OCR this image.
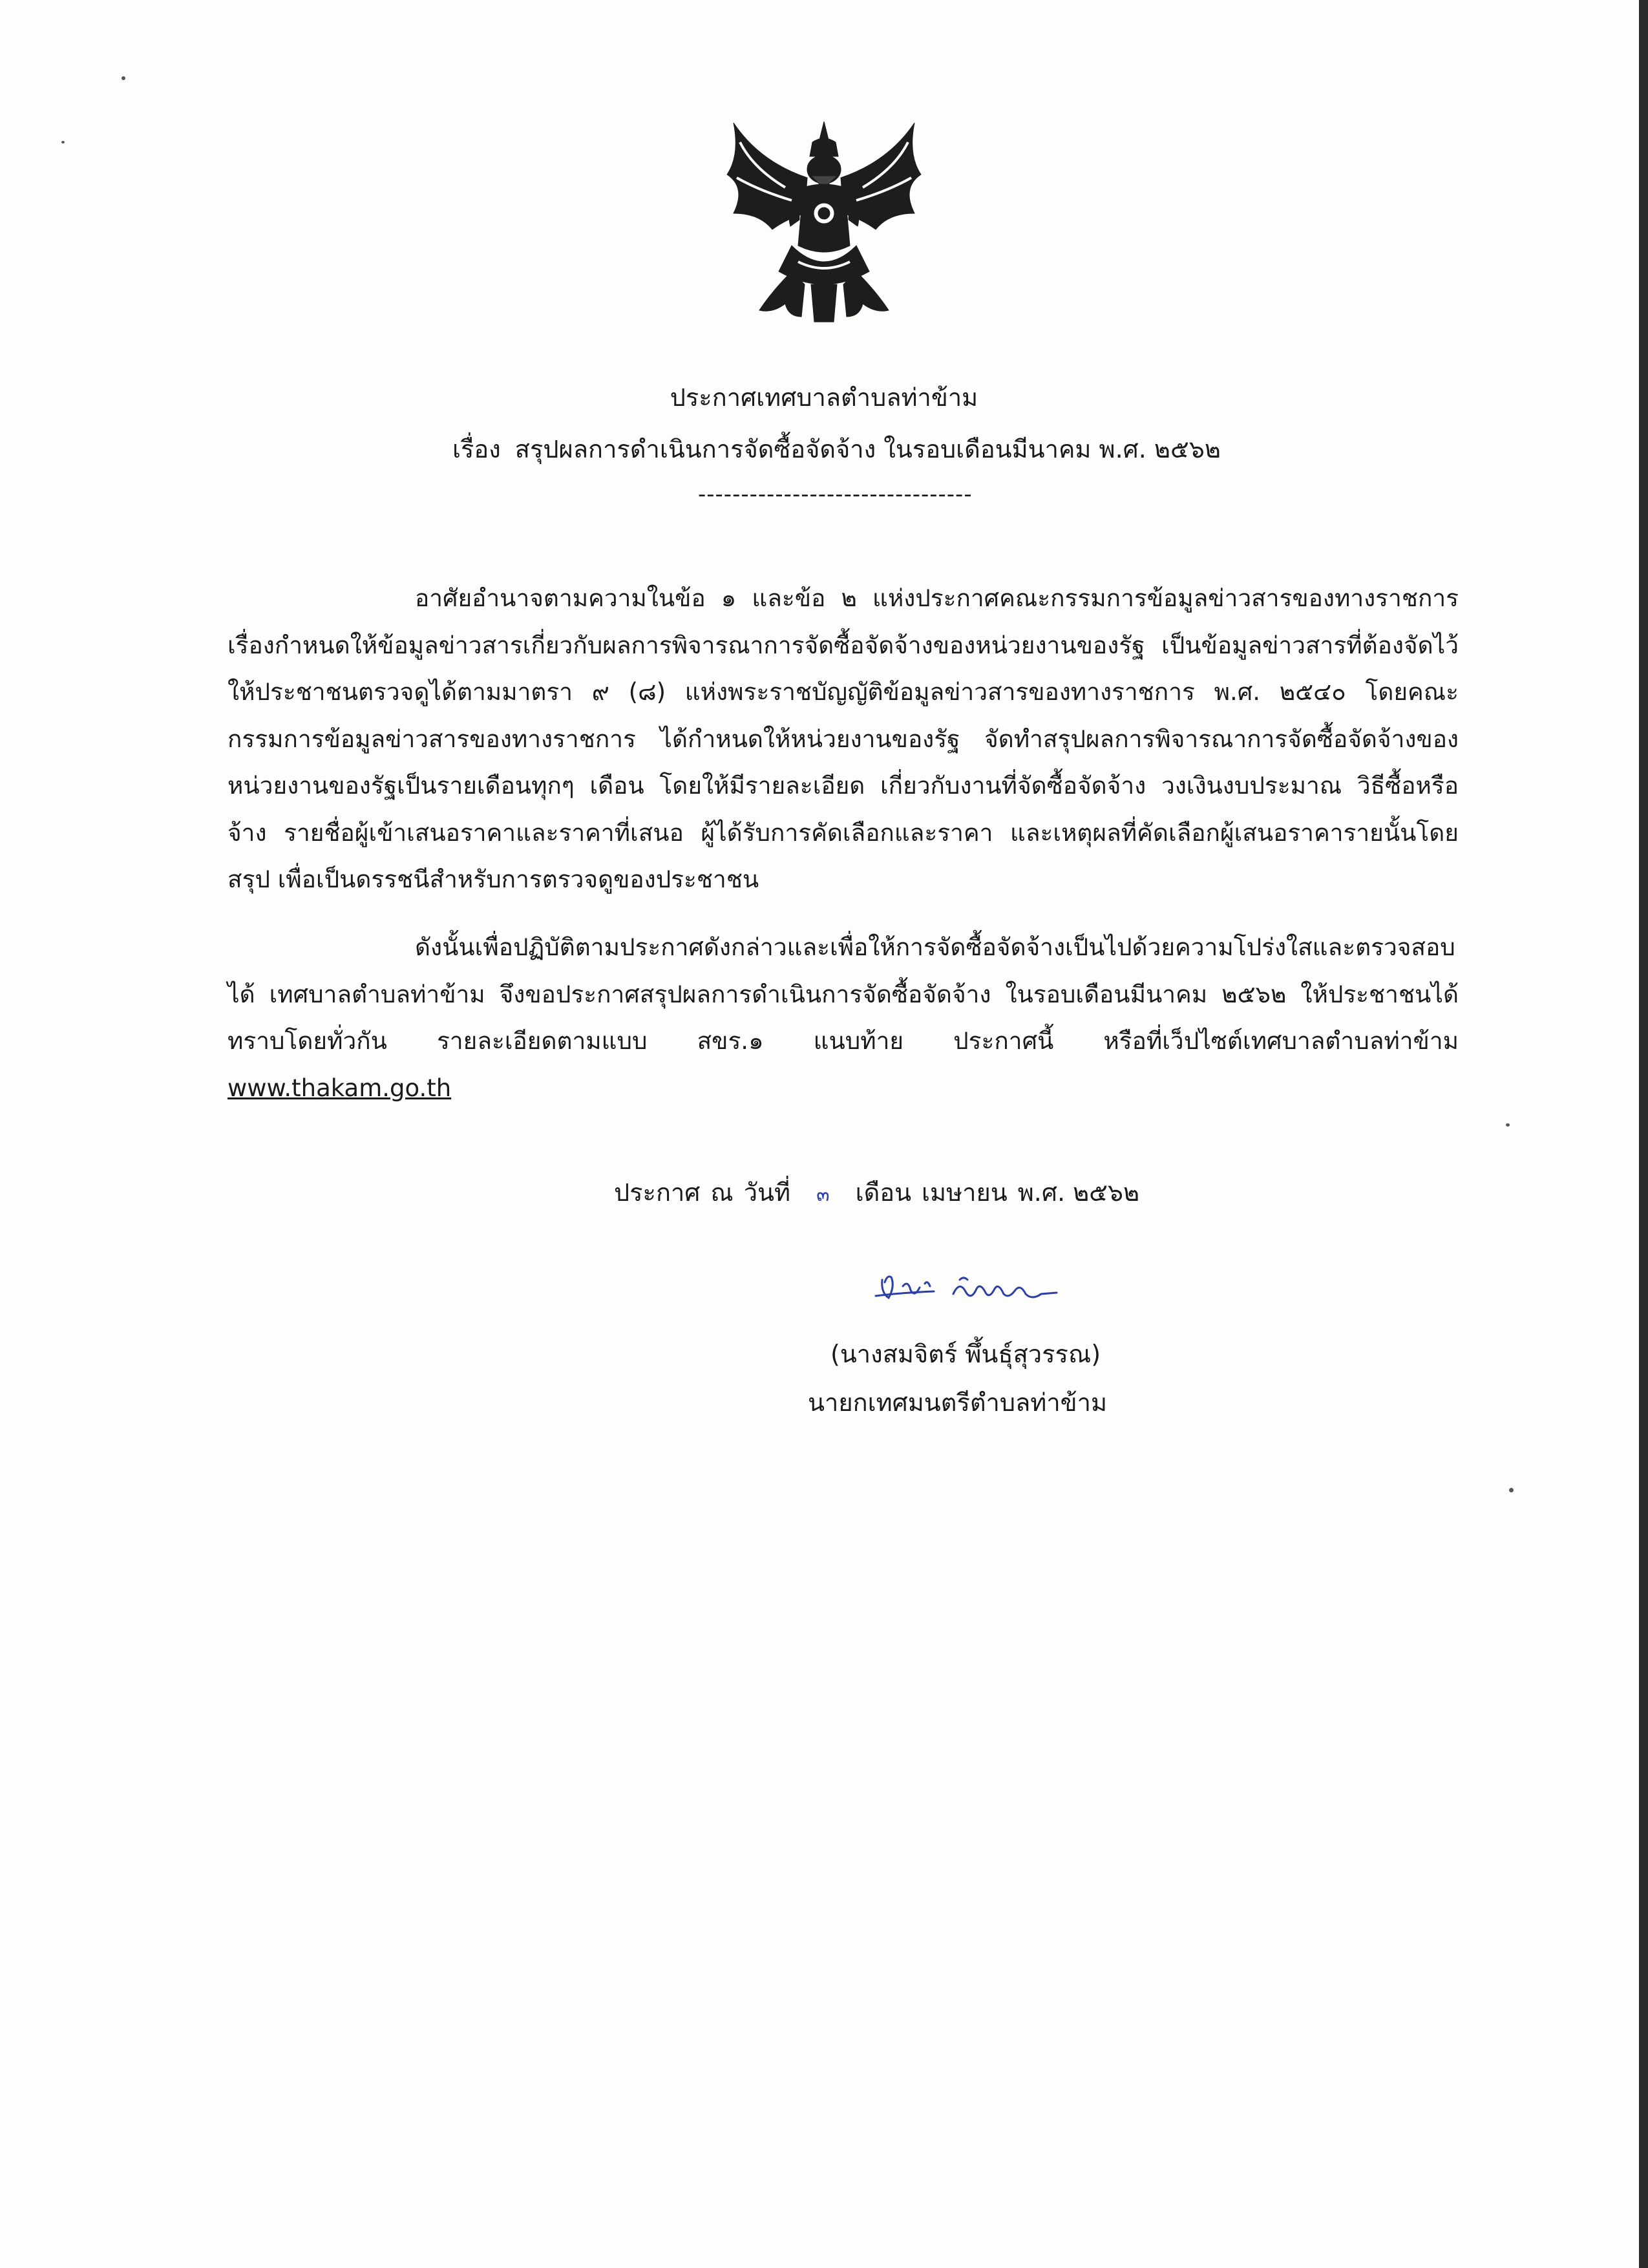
ประกาศเทศบาลตำบลท่าข้าม
เรื่อง สรุปผลการดำเนินการจัดซื้อจัดจ้าง ในรอบเดือนมีนาคม พ.ศ. ๒๕๖๒
--------------------------------

อาศัยอำนาจตามความในข้อ ๑ และข้อ ๒ แห่งประกาศคณะกรรมการข้อมูลข่าวสารของทางราชการ เรื่องกำหนดให้ข้อมูลข่าวสารเกี่ยวกับผลการพิจารณาการจัดซื้อจัดจ้างของหน่วยงานของรัฐ เป็นข้อมูลข่าวสารที่ต้องจัดไว้ให้ประชาชนตรวจดูได้ตามมาตรา ๙ (๘) แห่งพระราชบัญญัติข้อมูลข่าวสารของทางราชการ พ.ศ. ๒๕๔๐ โดยคณะกรรมการข้อมูลข่าวสารของทางราชการ ได้กำหนดให้หน่วยงานของรัฐ จัดทำสรุปผลการพิจารณาการจัดซื้อจัดจ้างของหน่วยงานของรัฐเป็นรายเดือนทุกๆ เดือน โดยให้มีรายละเอียด เกี่ยวกับงานที่จัดซื้อจัดจ้าง วงเงินงบประมาณ วิธีซื้อหรือจ้าง รายชื่อผู้เข้าเสนอราคาและราคาที่เสนอ ผู้ได้รับการคัดเลือกและราคา และเหตุผลที่คัดเลือกผู้เสนอราคารายนั้นโดยสรุป เพื่อเป็นดรรชนีสำหรับการตรวจดูของประชาชน

ดังนั้นเพื่อปฏิบัติตามประกาศดังกล่าวและเพื่อให้การจัดซื้อจัดจ้างเป็นไปด้วยความโปร่งใสและตรวจสอบได้ เทศบาลตำบลท่าข้าม จึงขอประกาศสรุปผลการดำเนินการจัดซื้อจัดจ้าง ในรอบเดือนมีนาคม ๒๕๖๒ ให้ประชาชนได้ทราบโดยทั่วกัน รายละเอียดตามแบบ สขร.๑ แนบท้าย ประกาศนี้ หรือที่เว็ปไซต์เทศบาลตำบลท่าข้าม www.thakam.go.th

ประกาศ ณ วันที่ ๓ เดือน เมษายน พ.ศ. ๒๕๖๒
(นางสมจิตร์ พึ้นธุ์สุวรรณ)
นายกเทศมนตรีตำบลท่าข้าม
